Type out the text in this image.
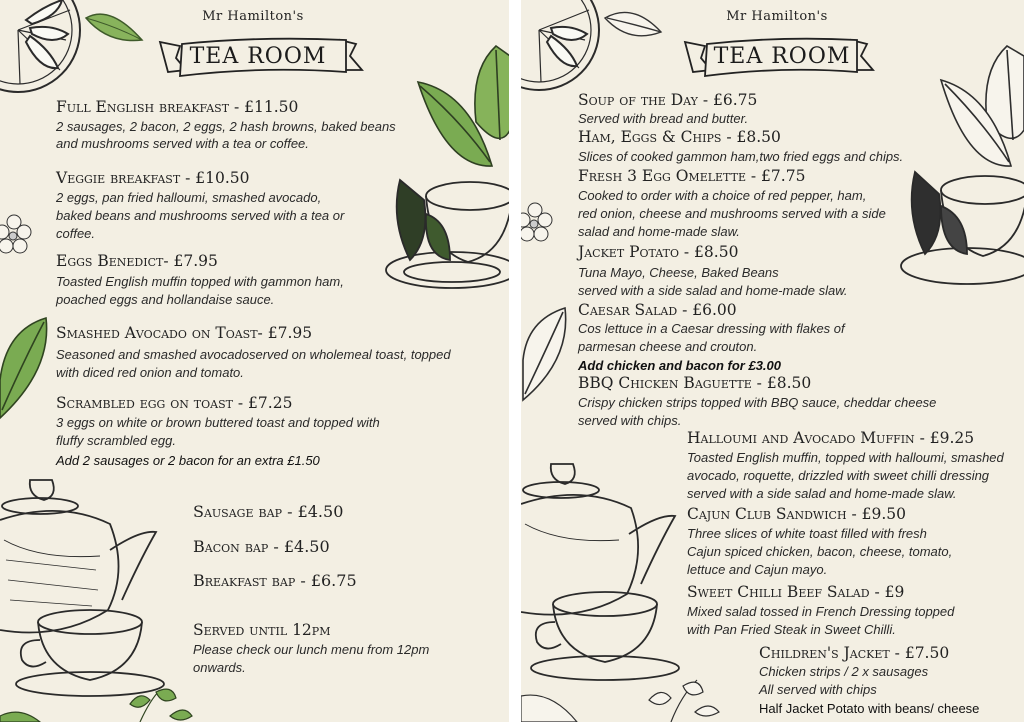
Mr Hamilton's
TEA ROOM
Full English breakfast - £11.50
2 sausages, 2 bacon, 2 eggs, 2 hash browns, baked beans
and mushrooms served with a tea or coffee.
Veggie breakfast - £10.50
2 eggs, pan fried halloumi, smashed avocado,
baked beans and mushrooms served with a tea or
coffee.
Eggs Benedict- £7.95
Toasted English muffin topped with gammon ham,
poached eggs and hollandaise sauce.
Smashed Avocado on Toast- £7.95
Seasoned and smashed avocadoserved on wholemeal toast, topped
with diced red onion and tomato.
Scrambled egg on toast - £7.25
3 eggs on white or brown buttered toast and topped with
fluffy scrambled egg.
Add 2 sausages or 2 bacon for an extra £1.50
Sausage bap - £4.50
Bacon bap - £4.50
Breakfast bap - £6.75
Served until 12pm
Please check our lunch menu from 12pm
onwards.
Mr Hamilton's
TEA ROOM
Soup of the Day - £6.75
Served with bread and butter.
Ham, Eggs & Chips - £8.50
Slices of cooked gammon ham,two fried eggs and chips.
Fresh 3 Egg Omelette - £7.75
Cooked to order with a choice of red pepper, ham,
red onion, cheese and mushrooms served with a side
salad and home-made slaw.
Jacket Potato - £8.50
Tuna Mayo, Cheese, Baked Beans
served with a side salad and home-made slaw.
Caesar Salad - £6.00
Cos lettuce in a Caesar dressing with flakes of
parmesan cheese and crouton.
Add chicken and bacon for £3.00
BBQ Chicken Baguette - £8.50
Crispy chicken strips topped with BBQ sauce, cheddar cheese
served with chips.
Halloumi and Avocado Muffin - £9.25
Toasted English muffin, topped with halloumi, smashed
avocado, roquette, drizzled with sweet chilli dressing
served with a side salad and home-made slaw.
Cajun Club Sandwich - £9.50
Three slices of white toast filled with fresh
Cajun spiced chicken, bacon, cheese, tomato,
lettuce and Cajun mayo.
Sweet Chilli Beef Salad - £9
Mixed salad tossed in French Dressing topped
with Pan Fried Steak in Sweet Chilli.
Children's Jacket - £7.50
Chicken strips / 2 x sausages
All served with chips
Half Jacket Potato with beans/ cheese
